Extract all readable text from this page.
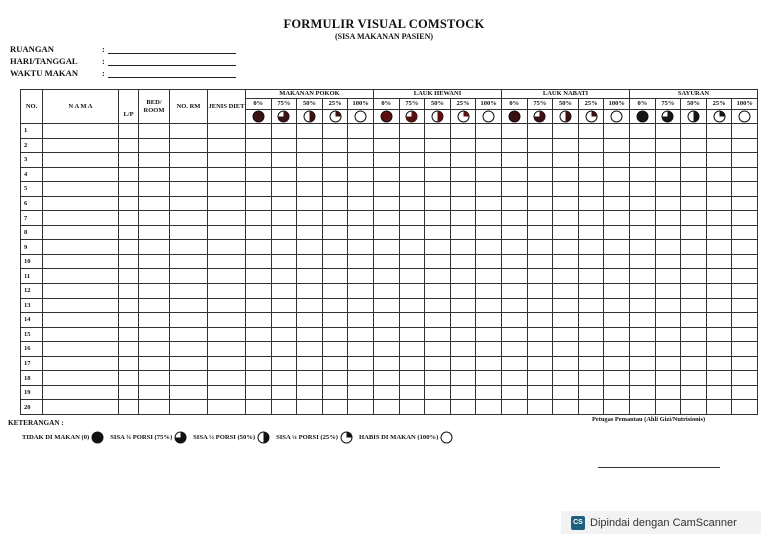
FORMULIR VISUAL COMSTOCK
(SISA MAKANAN PASIEN)
RUANGAN	:
HARI/TANGGAL	:
WAKTU MAKAN	:
NO.	N A M A	L/P	BED/ ROOM	NO. RM	JENIS DIET	MAKANAN POKOK					LAUK HEWANI					LAUK NABATI					SAYURAN				
						0%	75%	50%	25%	100%	0%	75%	50%	25%	100%	0%	75%	50%	25%	100%	0%	75%	50%	25%	100%

1																									
2																									
3																									
4																									
5																									
6																									
7																									
8																									
9																									
10																									
11																									
12																									
13																									
14																									
15																									
16																									
17																									
18																									
19																									
20																									
KETERANGAN :	Petugas Pemantau (Ahli Gizi/Nutrisionis)
TIDAK DI MAKAN (0)	SISA ¾ PORSI (75%)	SISA ½ PORSI (50%)	SISA ¼ PORSI (25%)	HABIS DI MAKAN (100%)
CS Dipindai dengan CamScanner
